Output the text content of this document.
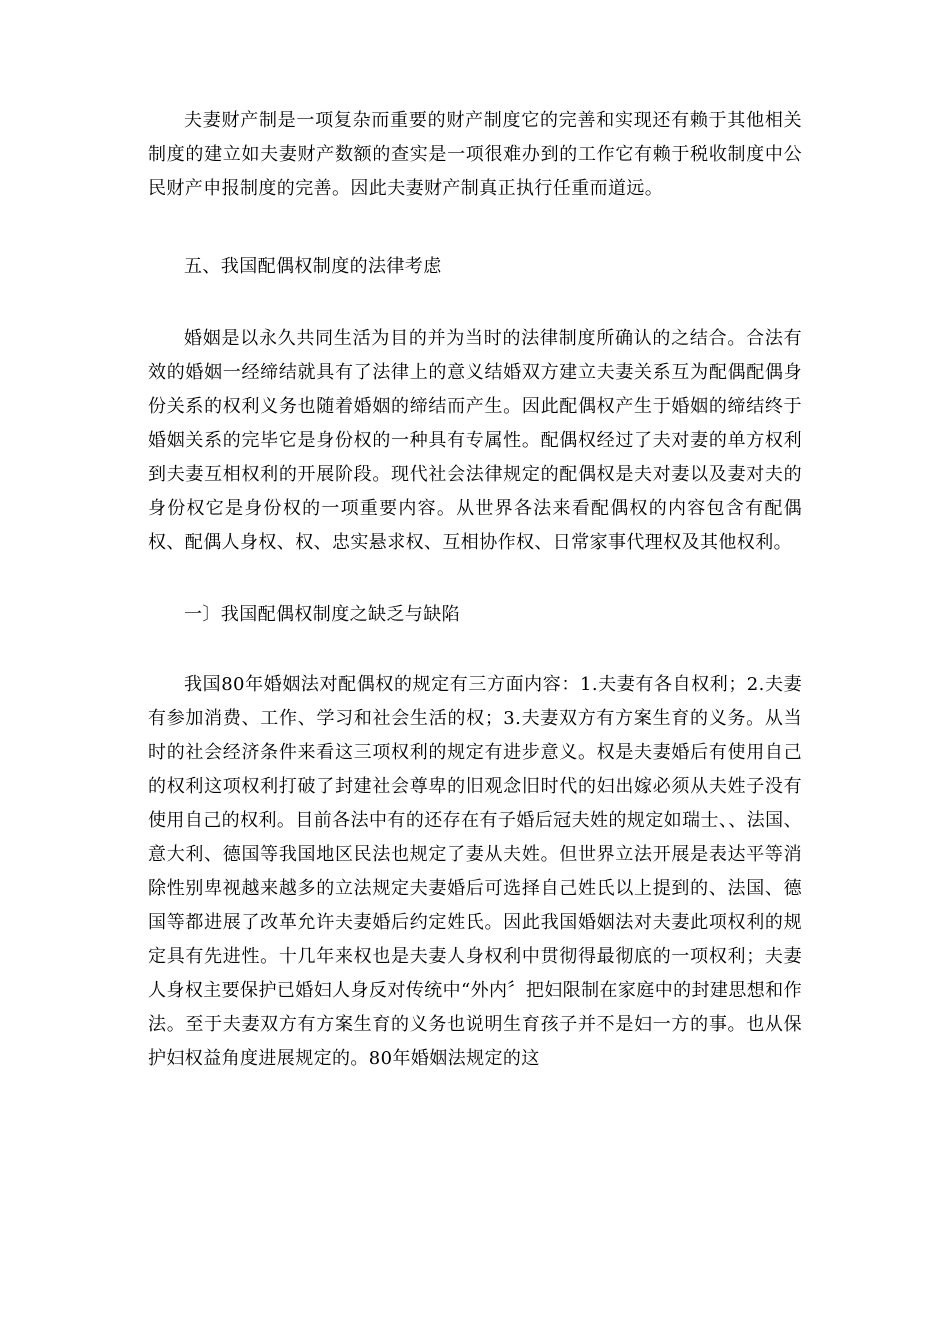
夫妻财产制是一项复杂而重要的财产制度它的完善和实现还有赖于其他相关制度的建立如夫妻财产数额的查实是一项很难办到的工作它有赖于税收制度中公民财产申报制度的完善。因此夫妻财产制真正执行任重而道远。

五、我国配偶权制度的法律考虑

婚姻是以永久共同生活为目的并为当时的法律制度所确认的之结合。合法有效的婚姻一经缔结就具有了法律上的意义结婚双方建立夫妻关系互为配偶配偶身份关系的权利义务也随着婚姻的缔结而产生。因此配偶权产生于婚姻的缔结终于婚姻关系的完毕它是身份权的一种具有专属性。配偶权经过了夫对妻的单方权利到夫妻互相权利的开展阶段。现代社会法律规定的配偶权是夫对妻以及妻对夫的身份权它是身份权的一项重要内容。从世界各法来看配偶权的内容包含有配偶权、配偶人身权、权、忠实悬求权、互相协作权、日常家事代理权及其他权利。

一〕我国配偶权制度之缺乏与缺陷

我国80年婚姻法对配偶权的规定有三方面内容：1.夫妻有各自权利；2.夫妻有参加消费、工作、学习和社会生活的权；3.夫妻双方有方案生育的义务。从当时的社会经济条件来看这三项权利的规定有进步意义。权是夫妻婚后有使用自己的权利这项权利打破了封建社会尊卑的旧观念旧时代的妇出嫁必须从夫姓子没有使用自己的权利。目前各法中有的还存在有子婚后冠夫姓的规定如瑞士、、法国、意大利、德国等我国地区民法也规定了妻从夫姓。但世界立法开展是表达平等消除性别卑视越来越多的立法规定夫妻婚后可选择自己姓氏以上提到的、法国、德国等都进展了改革允许夫妻婚后约定姓氏。因此我国婚姻法对夫妻此项权利的规定具有先进性。十几年来权也是夫妻人身权利中贯彻得最彻底的一项权利；夫妻人身权主要保护已婚妇人身反对传统中“外内〞把妇限制在家庭中的封建思想和作法。至于夫妻双方有方案生育的义务也说明生育孩子并不是妇一方的事。也从保护妇权益角度进展规定的。80年婚姻法规定的这
